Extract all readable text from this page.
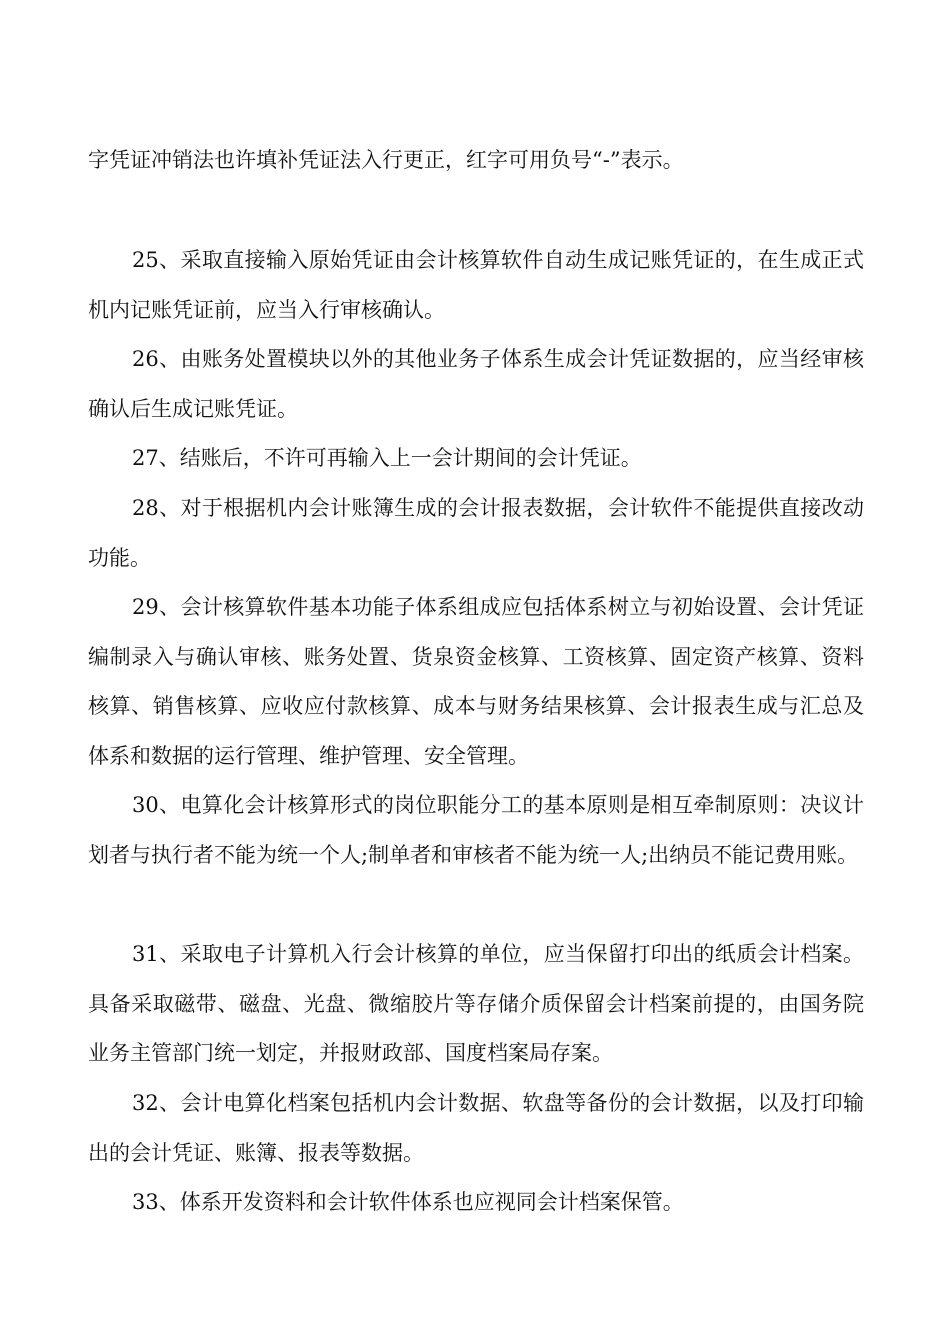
字凭证冲销法也许填补凭证法入行更正，红字可用负号“-”表示。

25、采取直接输入原始凭证由会计核算软件自动生成记账凭证的，在生成正式机内记账凭证前，应当入行审核确认。

26、由账务处置模块以外的其他业务子体系生成会计凭证数据的，应当经审核确认后生成记账凭证。

27、结账后，不许可再输入上一会计期间的会计凭证。

28、对于根据机内会计账簿生成的会计报表数据，会计软件不能提供直接改动功能。

29、会计核算软件基本功能子体系组成应包括体系树立与初始设置、会计凭证编制录入与确认审核、账务处置、货泉资金核算、工资核算、固定资产核算、资料核算、销售核算、应收应付款核算、成本与财务结果核算、会计报表生成与汇总及体系和数据的运行管理、维护管理、安全管理。

30、电算化会计核算形式的岗位职能分工的基本原则是相互牵制原则：决议计划者与执行者不能为统一个人;制单者和审核者不能为统一人;出纳员不能记费用账。

31、采取电子计算机入行会计核算的单位，应当保留打印出的纸质会计档案。具备采取磁带、磁盘、光盘、微缩胶片等存储介质保留会计档案前提的，由国务院业务主管部门统一划定，并报财政部、国度档案局存案。

32、会计电算化档案包括机内会计数据、软盘等备份的会计数据，以及打印输出的会计凭证、账簿、报表等数据。

33、体系开发资料和会计软件体系也应视同会计档案保管。
